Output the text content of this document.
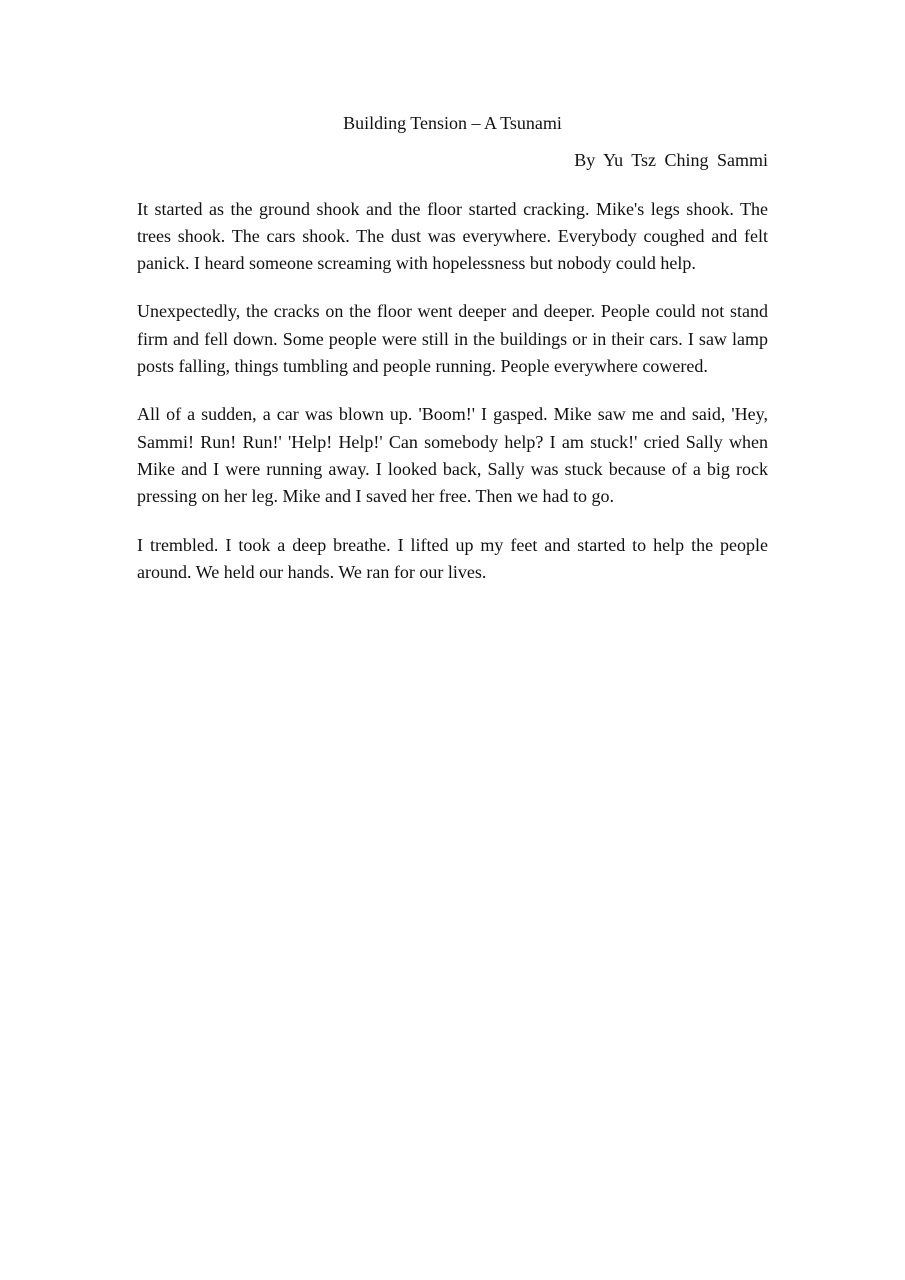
Building Tension – A Tsunami

By Yu Tsz Ching Sammi

It started as the ground shook and the floor started cracking. Mike's legs shook. The trees shook. The cars shook. The dust was everywhere. Everybody coughed and felt panick. I heard someone screaming with hopelessness but nobody could help.

Unexpectedly, the cracks on the floor went deeper and deeper. People could not stand firm and fell down. Some people were still in the buildings or in their cars. I saw lamp posts falling, things tumbling and people running. People everywhere cowered.

All of a sudden, a car was blown up. 'Boom!' I gasped. Mike saw me and said, 'Hey, Sammi! Run! Run!' 'Help! Help!' Can somebody help? I am stuck!' cried Sally when Mike and I were running away. I looked back, Sally was stuck because of a big rock pressing on her leg. Mike and I saved her free. Then we had to go.

I trembled. I took a deep breathe. I lifted up my feet and started to help the people around. We held our hands. We ran for our lives.
